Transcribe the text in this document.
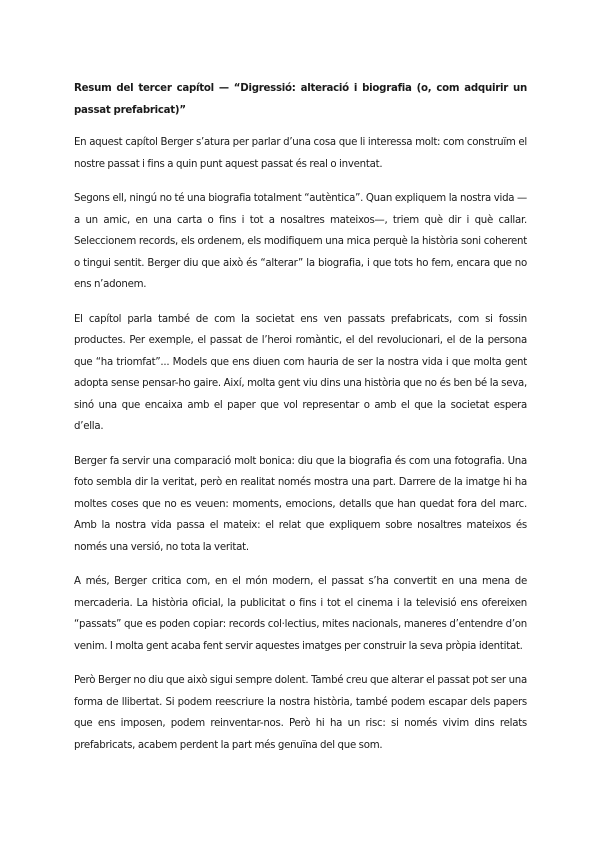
Resum del tercer capítol — “Digressió: alteració i biografia (o, com adquirir un passat prefabricat)”

En aquest capítol Berger s’atura per parlar d’una cosa que li interessa molt: com construïm el nostre passat i fins a quin punt aquest passat és real o inventat.

Segons ell, ningú no té una biografia totalment “autèntica”. Quan expliquem la nostra vida —a un amic, en una carta o fins i tot a nosaltres mateixos—, triem què dir i què callar. Seleccionem records, els ordenem, els modifiquem una mica perquè la història soni coherent o tingui sentit. Berger diu que això és “alterar” la biografia, i que tots ho fem, encara que no ens n’adonem.

El capítol parla també de com la societat ens ven passats prefabricats, com si fossin productes. Per exemple, el passat de l’heroi romàntic, el del revolucionari, el de la persona que “ha triomfat”... Models que ens diuen com hauria de ser la nostra vida i que molta gent adopta sense pensar-ho gaire. Així, molta gent viu dins una història que no és ben bé la seva, sinó una que encaixa amb el paper que vol representar o amb el que la societat espera d’ella.

Berger fa servir una comparació molt bonica: diu que la biografia és com una fotografia. Una foto sembla dir la veritat, però en realitat només mostra una part. Darrere de la imatge hi ha moltes coses que no es veuen: moments, emocions, detalls que han quedat fora del marc. Amb la nostra vida passa el mateix: el relat que expliquem sobre nosaltres mateixos és només una versió, no tota la veritat.

A més, Berger critica com, en el món modern, el passat s’ha convertit en una mena de mercaderia. La història oficial, la publicitat o fins i tot el cinema i la televisió ens ofereixen “passats” que es poden copiar: records col·lectius, mites nacionals, maneres d’entendre d’on venim. I molta gent acaba fent servir aquestes imatges per construir la seva pròpia identitat.

Però Berger no diu que això sigui sempre dolent. També creu que alterar el passat pot ser una forma de llibertat. Si podem reescriure la nostra història, també podem escapar dels papers que ens imposen, podem reinventar-nos. Però hi ha un risc: si només vivim dins relats prefabricats, acabem perdent la part més genuïna del que som.
